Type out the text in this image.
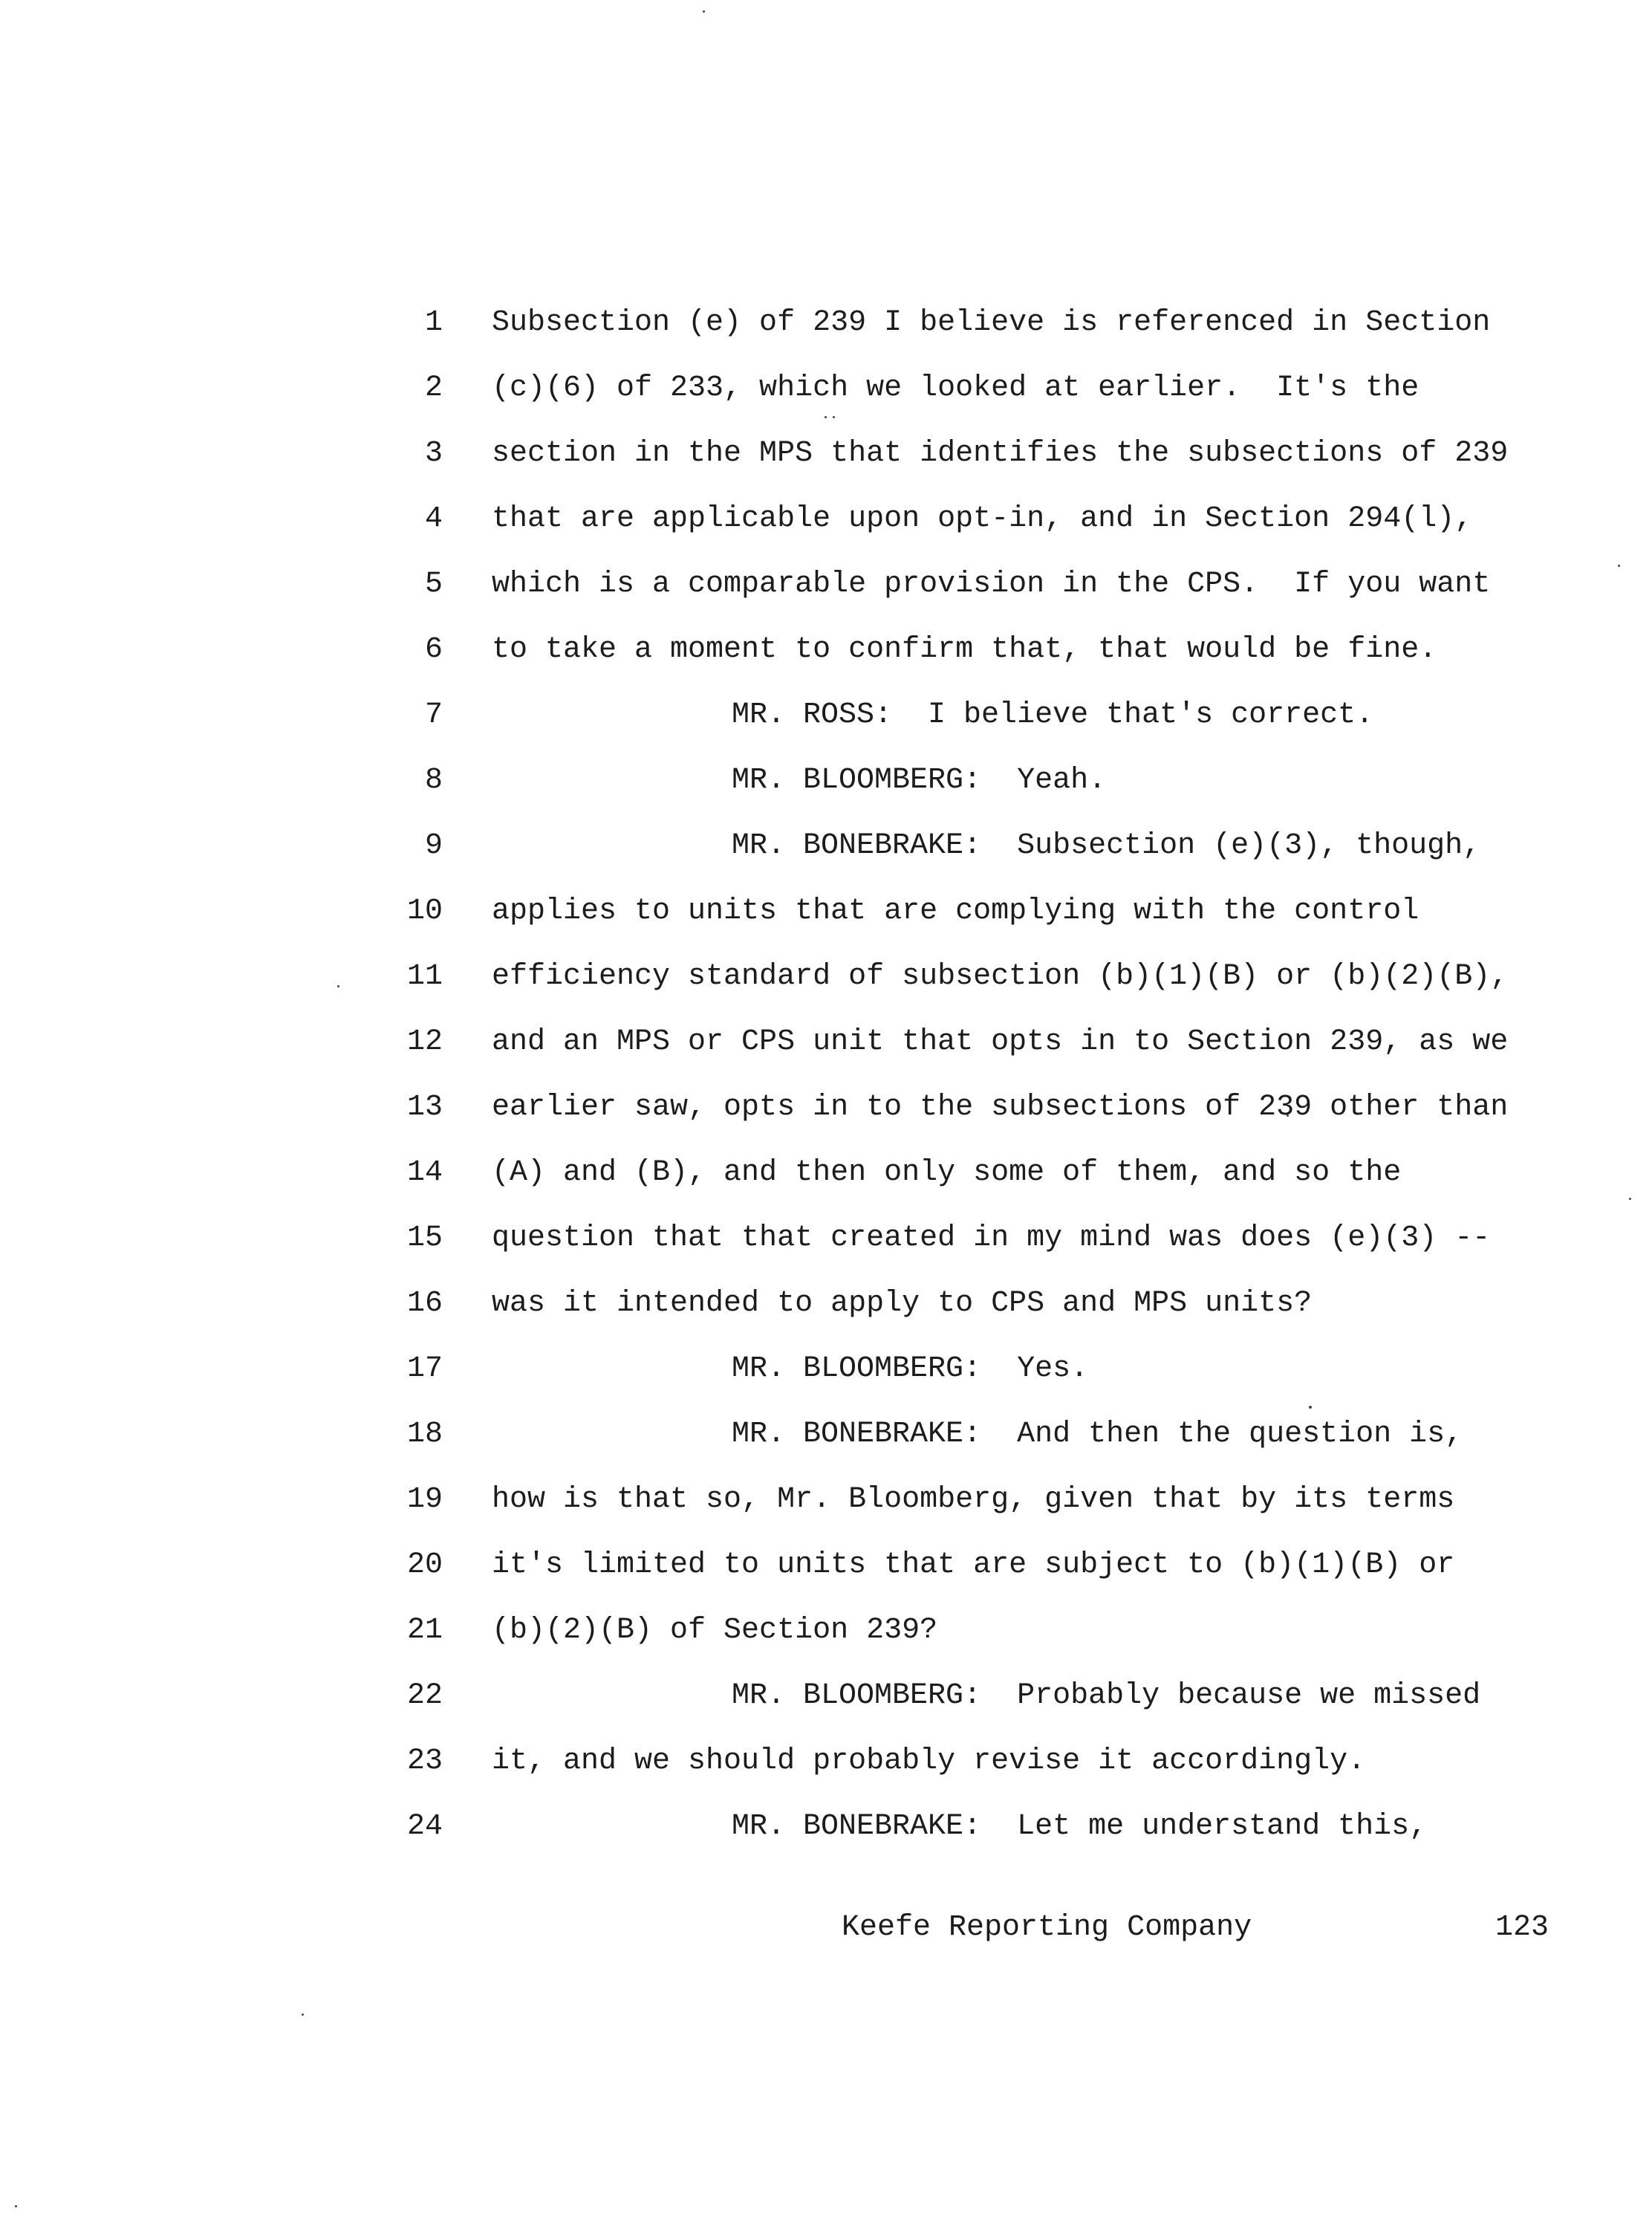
1 Subsection (e) of 239 I believe is referenced in Section
2 (c)(6) of 233, which we looked at earlier.  It's the
3 section in the MPS that identifies the subsections of 239
4 that are applicable upon opt-in, and in Section 294(l),
5 which is a comparable provision in the CPS.  If you want
6 to take a moment to confirm that, that would be fine.
7	MR. ROSS:  I believe that's correct.
8	MR. BLOOMBERG:  Yeah.
9	MR. BONEBRAKE:  Subsection (e)(3), though,
10 applies to units that are complying with the control
11 efficiency standard of subsection (b)(1)(B) or (b)(2)(B),
12 and an MPS or CPS unit that opts in to Section 239, as we
13 earlier saw, opts in to the subsections of 239 other than
14 (A) and (B), and then only some of them, and so the
15 question that that created in my mind was does (e)(3) --
16 was it intended to apply to CPS and MPS units?
17	MR. BLOOMBERG:  Yes.
18	MR. BONEBRAKE:  And then the question is,
19 how is that so, Mr. Bloomberg, given that by its terms
20 it's limited to units that are subject to (b)(1)(B) or
21 (b)(2)(B) of Section 239?
22	MR. BLOOMBERG:  Probably because we missed
23 it, and we should probably revise it accordingly.
24	MR. BONEBRAKE:  Let me understand this,
Keefe Reporting Company	123
